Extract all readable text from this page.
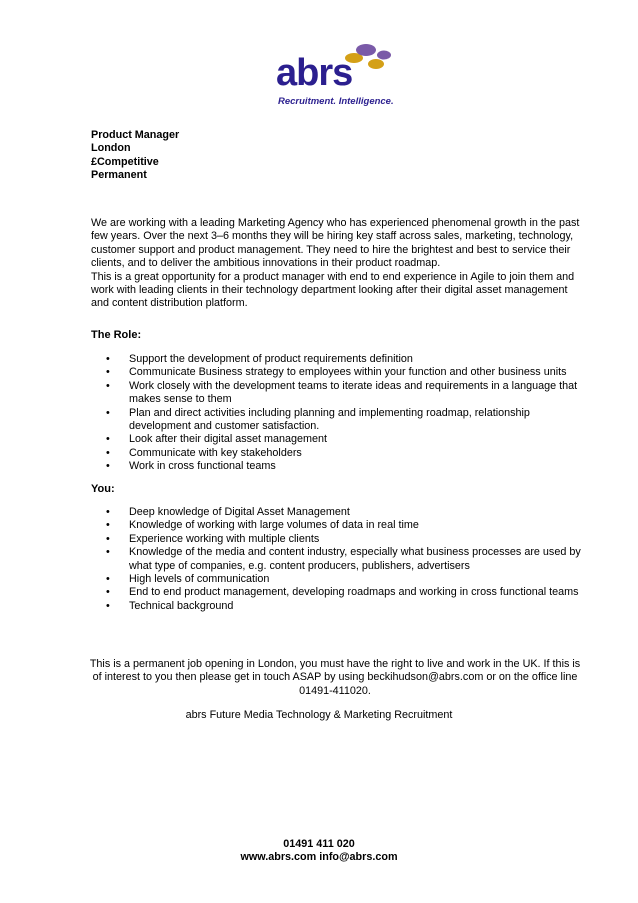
abrs
Recruitment. Intelligence.
Product Manager
London
£Competitive
Permanent

We are working with a leading Marketing Agency who has experienced phenomenal growth in the past few years. Over the next 3–6 months they will be hiring key staff across sales, marketing, technology, customer support and product management. They need to hire the brightest and best to service their clients, and to deliver the ambitious innovations in their product roadmap.

This is a great opportunity for a product manager with end to end experience in Agile to join them and work with leading clients in their technology department looking after their digital asset management and content distribution platform.

The Role:
• Support the development of product requirements definition
• Communicate Business strategy to employees within your function and other business units
• Work closely with the development teams to iterate ideas and requirements in a language that makes sense to them
• Plan and direct activities including planning and implementing roadmap, relationship development and customer satisfaction.
• Look after their digital asset management
• Communicate with key stakeholders
• Work in cross functional teams
You:
• Deep knowledge of Digital Asset Management
• Knowledge of working with large volumes of data in real time
• Experience working with multiple clients
• Knowledge of the media and content industry, especially what business processes are used by what type of companies, e.g. content producers, publishers, advertisers
• High levels of communication
• End to end product management, developing roadmaps and working in cross functional teams
• Technical background
This is a permanent job opening in London, you must have the right to live and work in the UK. If this is of interest to you then please get in touch ASAP by using beckihudson@abrs.com or on the office line 01491-411020.
abrs Future Media Technology & Marketing Recruitment
01491 411 020
www.abrs.com info@abrs.com
